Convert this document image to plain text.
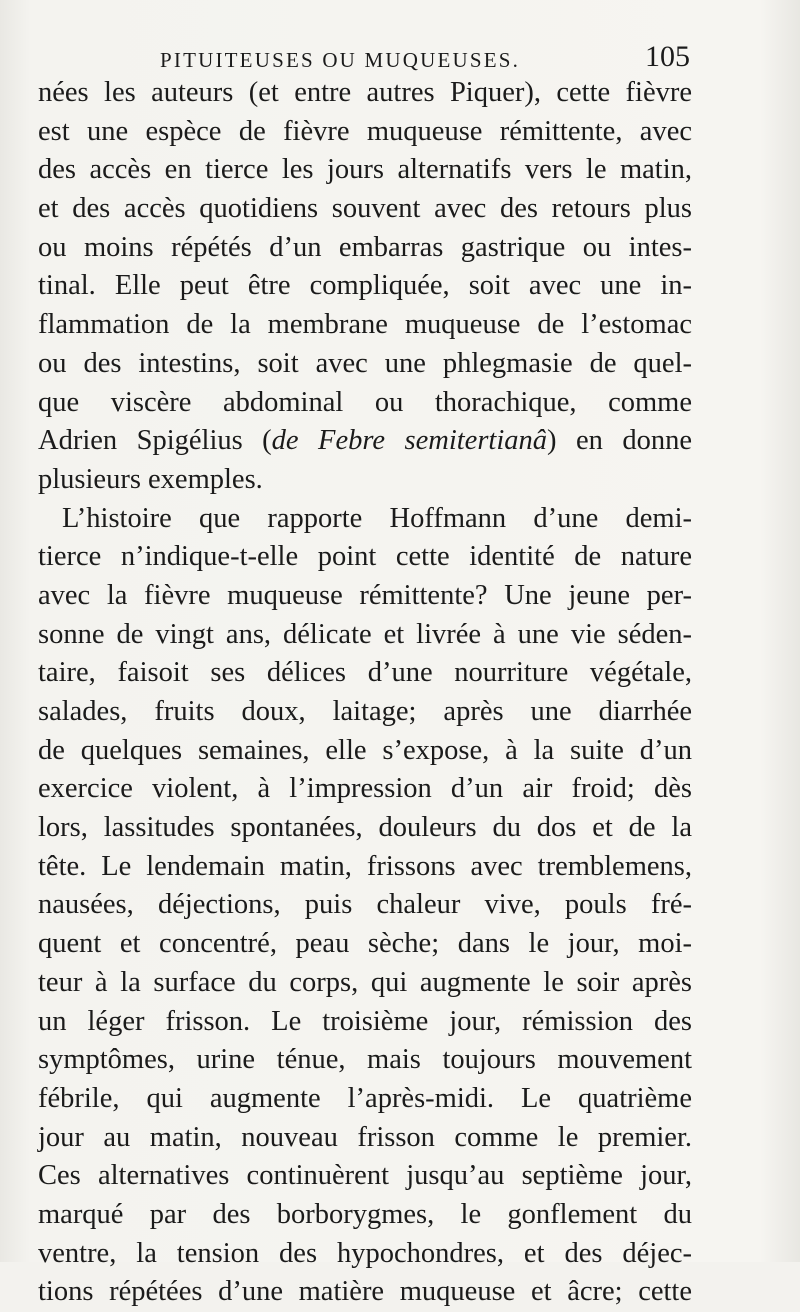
PITUITEUSES OU MUQUEUSES.	105
nées les auteurs (et entre autres Piquer), cette fièvre
est une espèce de fièvre muqueuse rémittente, avec
des accès en tierce les jours alternatifs vers le matin,
et des accès quotidiens souvent avec des retours plus
ou moins répétés d’un embarras gastrique ou intes-
tinal. Elle peut être compliquée, soit avec une in-
flammation de la membrane muqueuse de l’estomac
ou des intestins, soit avec une phlegmasie de quel-
que viscère abdominal ou thorachique, comme
Adrien Spigélius (de Febre semitertianâ) en donne
plusieurs exemples.
L’histoire que rapporte Hoffmann d’une demi-
tierce n’indique-t-elle point cette identité de nature
avec la fièvre muqueuse rémittente? Une jeune per-
sonne de vingt ans, délicate et livrée à une vie séden-
taire, faisoit ses délices d’une nourriture végétale,
salades, fruits doux, laitage; après une diarrhée
de quelques semaines, elle s’expose, à la suite d’un
exercice violent, à l’impression d’un air froid; dès
lors, lassitudes spontanées, douleurs du dos et de la
tête. Le lendemain matin, frissons avec tremblemens,
nausées, déjections, puis chaleur vive, pouls fré-
quent et concentré, peau sèche; dans le jour, moi-
teur à la surface du corps, qui augmente le soir après
un léger frisson. Le troisième jour, rémission des
symptômes, urine ténue, mais toujours mouvement
fébrile, qui augmente l’après-midi. Le quatrième
jour au matin, nouveau frisson comme le premier.
Ces alternatives continuèrent jusqu’au septième jour,
marqué par des borborygmes, le gonflement du
ventre, la tension des hypochondres, et des déjec-
tions répétées d’une matière muqueuse et âcre; cette
